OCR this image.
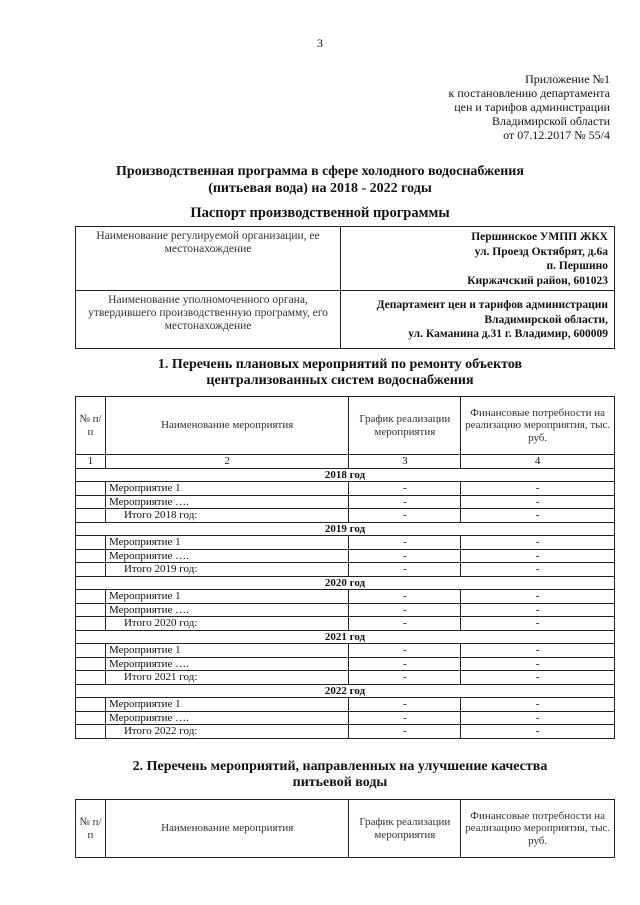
3
Приложение №1
к постановлению департамента
цен и тарифов администрации
Владимирской области
от 07.12.2017 № 55/4
Производственная программа в сфере холодного водоснабжения
(питьевая вода) на 2018 - 2022 годы
Паспорт производственной программы
Наименование регулируемой организации, ее местонахождение	Першинское УМПП ЖКХ
ул. Проезд Октябрят, д.6а
п. Першино
Киржачский район, 601023

Наименование уполномоченного органа, утвердившего производственную программу, его местонахождение	Департамент цен и тарифов администрации
Владимирской области,
ул. Каманина д.31 г. Владимир, 600009
1. Перечень плановых мероприятий по ремонту объектов
централизованных систем водоснабжения
№ п/п	Наименование мероприятия	График реализации мероприятия	Финансовые потребности на реализацию мероприятия, тыс. руб.
1	2	3	4
2018 год			
	Мероприятие 1	-	-
	Мероприятие ….	-	-
	Итого 2018 год:	-	-
2019 год			
	Мероприятие 1	-	-
	Мероприятие ….	-	-
	Итого 2019 год:	-	-
2020 год			
	Мероприятие 1	-	-
	Мероприятие ….	-	-
	Итого 2020 год:	-	-
2021 год			
	Мероприятие 1	-	-
	Мероприятие ….	-	-
	Итого 2021 год:	-	-
2022 год			
	Мероприятие 1	-	-
	Мероприятие ….	-	-
	Итого 2022 год:	-	-
2. Перечень мероприятий, направленных на улучшение качества
питьевой воды
№ п/п	Наименование мероприятия	График реализации мероприятия	Финансовые потребности на реализацию мероприятия, тыс. руб.
